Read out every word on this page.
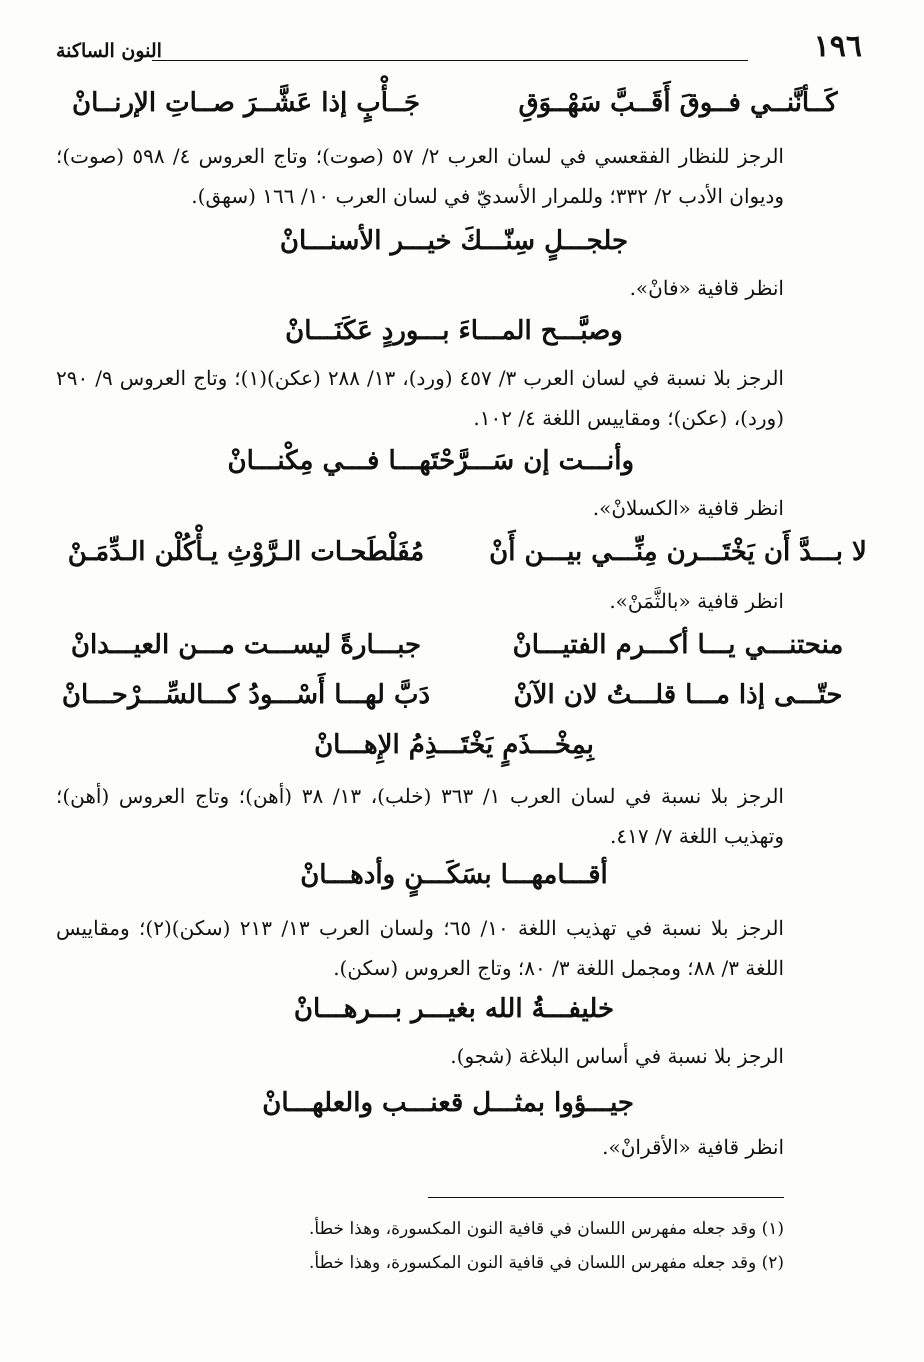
١٩٦
النون الساكنة
كَــأنَّنــي فــوقَ أَقَــبَّ سَهْــوَقِ
جَــأْبٍ إذا عَشَّــرَ صــاتِ الإرنــانْ
الرجز للنظار الفقعسي في لسان العرب ٢/ ٥٧ (صوت)؛ وتاج العروس ٤/ ٥٩٨ (صوت)؛ وديوان الأدب ٢/ ٣٣٢؛ وللمرار الأسديّ في لسان العرب ١٠/ ١٦٦ (سهق).
جلجـــلٍ سِنّـــكَ خيـــر الأسنـــانْ
انظر قافية «فانْ».
وصبَّـــح المـــاءَ بـــوردٍ عَكَنَـــانْ
الرجز بلا نسبة في لسان العرب ٣/ ٤٥٧ (ورد)، ١٣/ ٢٨٨ (عكن)(١)؛ وتاج العروس ٩/ ٢٩٠ (ورد)، (عكن)؛ ومقاييس اللغة ٤/ ١٠٢.
وأنـــت إن سَـــرَّحْتَهـــا فـــي مِكْنـــانْ
انظر قافية «الكسلانْ».
لا بـــدَّ أَن يَخْتَـــرن مِنِّـــي بيـــن أَنْ
مُفَلْطَحـات الـرَّوْثِ يـأْكُلْن الـدِّمَـنْ
انظر قافية «بالثَّمَنْ».
منحتنـــي يـــا أكـــرم الفتيـــانْ
جبـــارةً ليســـت مـــن العيـــدانْ
حتّـــى إذا مـــا قلـــتُ لان الآنْ
دَبَّ لهـــا أَسْـــودُ كـــالسِّـــرْحـــانْ
بِمِخْـــذَمٍ يَخْتَـــذِمُ الإِهـــانْ
الرجز بلا نسبة في لسان العرب ١/ ٣٦٣ (خلب)، ١٣/ ٣٨ (أهن)؛ وتاج العروس (أهن)؛ وتهذيب اللغة ٧/ ٤١٧.
أقـــامهـــا بسَكَـــنٍ وأدهـــانْ
الرجز بلا نسبة في تهذيب اللغة ١٠/ ٦٥؛ ولسان العرب ١٣/ ٢١٣ (سكن)(٢)؛ ومقاييس اللغة ٣/ ٨٨؛ ومجمل اللغة ٣/ ٨٠؛ وتاج العروس (سكن).
خليفـــةُ الله بغيـــر بـــرهـــانْ
الرجز بلا نسبة في أساس البلاغة (شجو).
جيـــؤوا بمثـــل قعنـــب والعلهـــانْ
انظر قافية «الأقرانْ».
(١) وقد جعله مفهرس اللسان في قافية النون المكسورة، وهذا خطأ.
(٢) وقد جعله مفهرس اللسان في قافية النون المكسورة، وهذا خطأ.
